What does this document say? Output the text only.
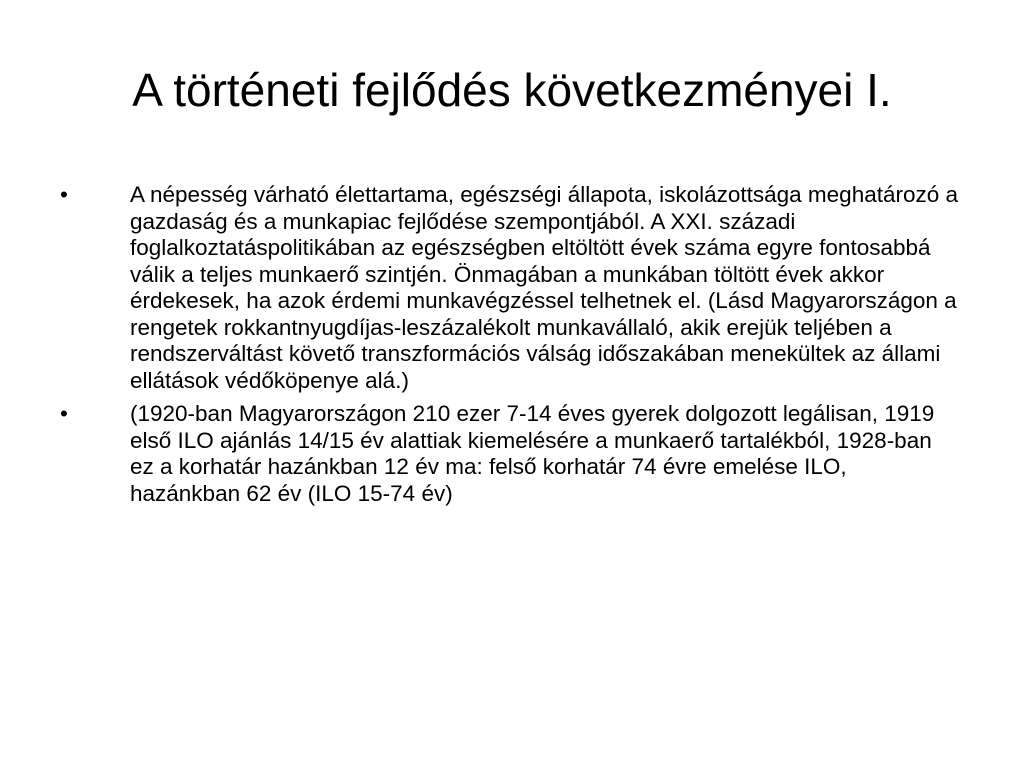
A történeti fejlődés következményei I.
•	A népesség várható élettartama, egészségi állapota, iskolázottsága meghatározó a gazdaság és a munkapiac fejlődése szempontjából. A XXI. századi foglalkoztatáspolitikában az egészségben eltöltött évek száma egyre fontosabbá válik a teljes munkaerő szintjén. Önmagában a munkában töltött évek akkor érdekesek, ha azok érdemi munkavégzéssel telhetnek el. (Lásd Magyarországon a rengetek rokkantnyugdíjas-leszázalékolt munkavállaló, akik erejük teljében a rendszerváltást követő transzformációs válság időszakában menekültek az állami ellátások védőköpenye alá.)
•	(1920-ban Magyarországon 210 ezer 7-14 éves gyerek dolgozott legálisan, 1919 első ILO ajánlás 14/15 év alattiak kiemelésére a munkaerő tartalékból, 1928-ban ez a korhatár hazánkban 12 év ma: felső korhatár 74 évre emelése ILO, hazánkban 62 év (ILO 15-74 év)
